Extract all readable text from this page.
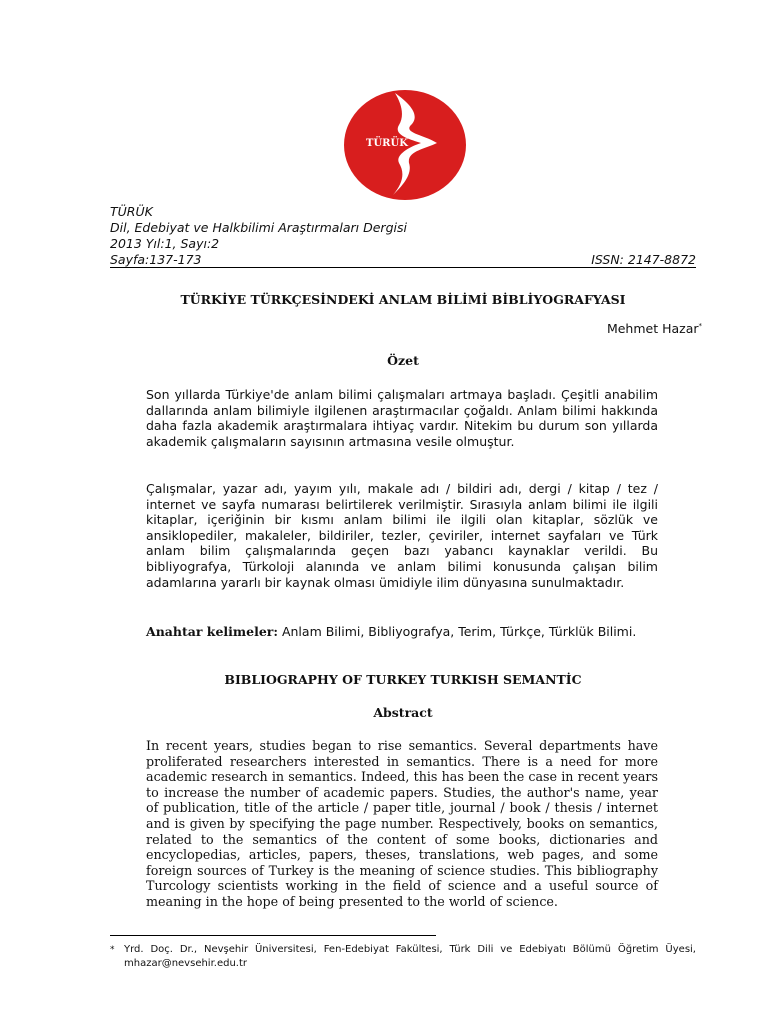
TÜRÜK
TÜRÜK
Dil, Edebiyat ve Halkbilimi Araştırmaları Dergisi
2013 Yıl:1, Sayı:2
Sayfa:137-173	ISSN: 2147-8872
TÜRKİYE TÜRKÇESİNDEKİ ANLAM BİLİMİ BİBLİYOGRAFYASI
Mehmet Hazar*
Özet
Son yıllarda Türkiye'de anlam bilimi çalışmaları artmaya başladı. Çeşitli anabilim dallarında anlam bilimiyle ilgilenen araştırmacılar çoğaldı. Anlam bilimi hakkında daha fazla akademik araştırmalara ihtiyaç vardır. Nitekim bu durum son yıllarda akademik çalışmaların sayısının artmasına vesile olmuştur.
Çalışmalar, yazar adı, yayım yılı, makale adı / bildiri adı, dergi / kitap / tez / internet ve sayfa numarası belirtilerek verilmiştir. Sırasıyla anlam bilimi ile ilgili kitaplar, içeriğinin bir kısmı anlam bilimi ile ilgili olan kitaplar, sözlük ve ansiklopediler, makaleler, bildiriler, tezler, çeviriler, internet sayfaları ve Türk anlam bilim çalışmalarında geçen bazı yabancı kaynaklar verildi. Bu bibliyografya, Türkoloji alanında ve anlam bilimi konusunda çalışan bilim adamlarına yararlı bir kaynak olması ümidiyle ilim dünyasına sunulmaktadır.
Anahtar kelimeler: Anlam Bilimi, Bibliyografya, Terim, Türkçe, Türklük Bilimi.
BIBLIOGRAPHY OF TURKEY TURKISH SEMANTİC
Abstract
In recent years, studies began to rise semantics. Several departments have proliferated researchers interested in semantics. There is a need for more academic research in semantics. Indeed, this has been the case in recent years to increase the number of academic papers. Studies, the author's name, year of publication, title of the article / paper title, journal / book / thesis / internet and is given by specifying the page number. Respectively, books on semantics, related to the semantics of the content of some books, dictionaries and encyclopedias, articles, papers, theses, translations, web pages, and some foreign sources of Turkey is the meaning of science studies. This bibliography Turcology scientists working in the field of science and a useful source of meaning in the hope of being presented to the world of science.
* Yrd. Doç. Dr., Nevşehir Üniversitesi, Fen-Edebiyat Fakültesi, Türk Dili ve Edebiyatı Bölümü Öğretim Üyesi, mhazar@nevsehir.edu.tr
